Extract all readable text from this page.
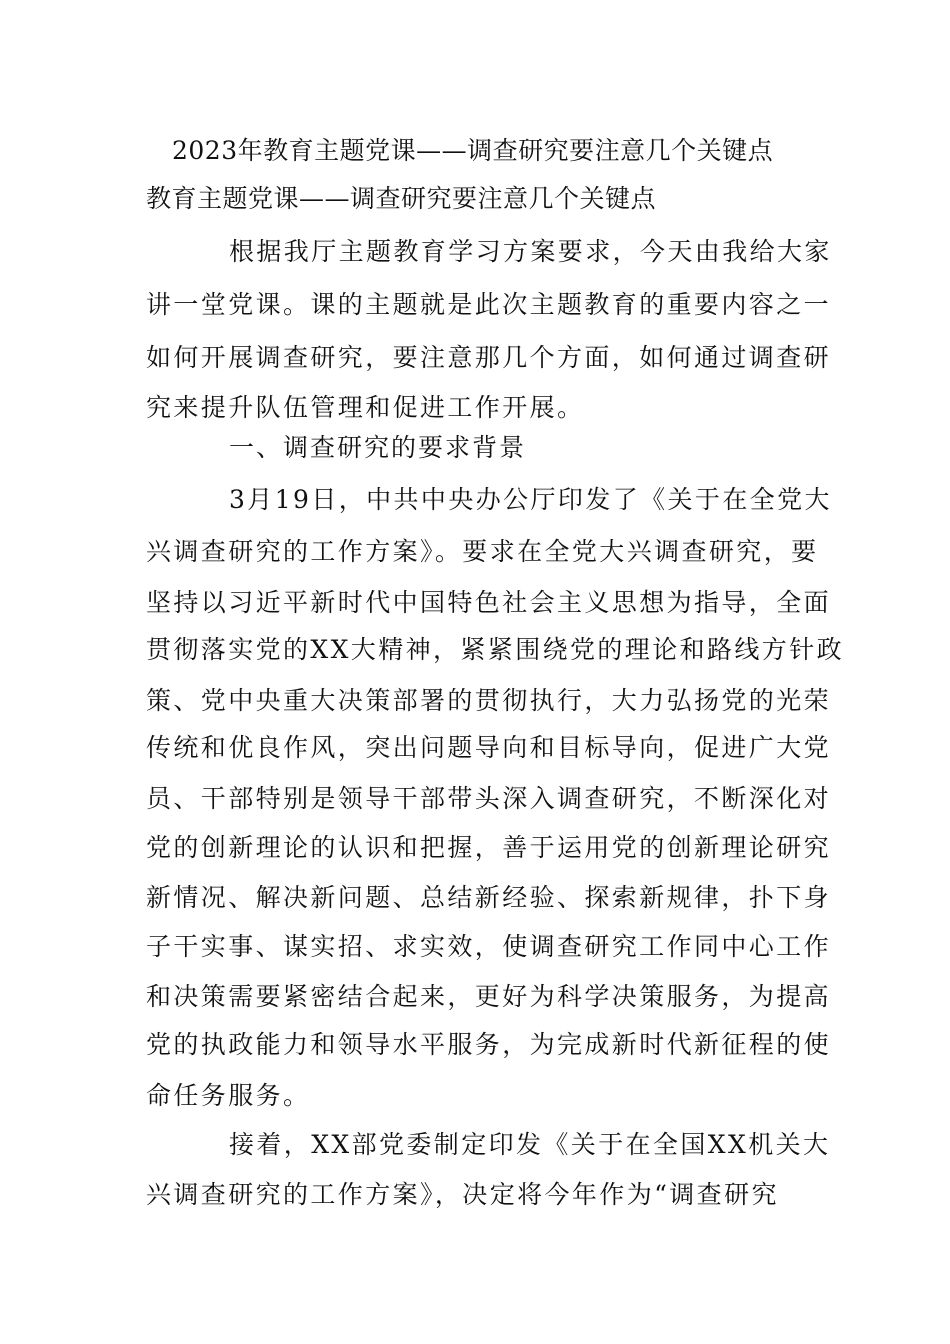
2023年教育主题党课——调查研究要注意几个关键点
教育主题党课——调查研究要注意几个关键点
根据我厅主题教育学习方案要求，今天由我给大家
讲一堂党课。课的主题就是此次主题教育的重要内容之一
如何开展调查研究，要注意那几个方面，如何通过调查研
究来提升队伍管理和促进工作开展。
一、调查研究的要求背景
3月19日，中共中央办公厅印发了《关于在全党大
兴调查研究的工作方案》。要求在全党大兴调查研究，要
坚持以习近平新时代中国特色社会主义思想为指导，全面
贯彻落实党的XX大精神，紧紧围绕党的理论和路线方针政
策、党中央重大决策部署的贯彻执行，大力弘扬党的光荣
传统和优良作风，突出问题导向和目标导向，促进广大党
员、干部特别是领导干部带头深入调查研究，不断深化对
党的创新理论的认识和把握，善于运用党的创新理论研究
新情况、解决新问题、总结新经验、探索新规律，扑下身
子干实事、谋实招、求实效，使调查研究工作同中心工作
和决策需要紧密结合起来，更好为科学决策服务，为提高
党的执政能力和领导水平服务，为完成新时代新征程的使
命任务服务。
接着，XX部党委制定印发《关于在全国XX机关大
兴调查研究的工作方案》，决定将今年作为“调查研究
